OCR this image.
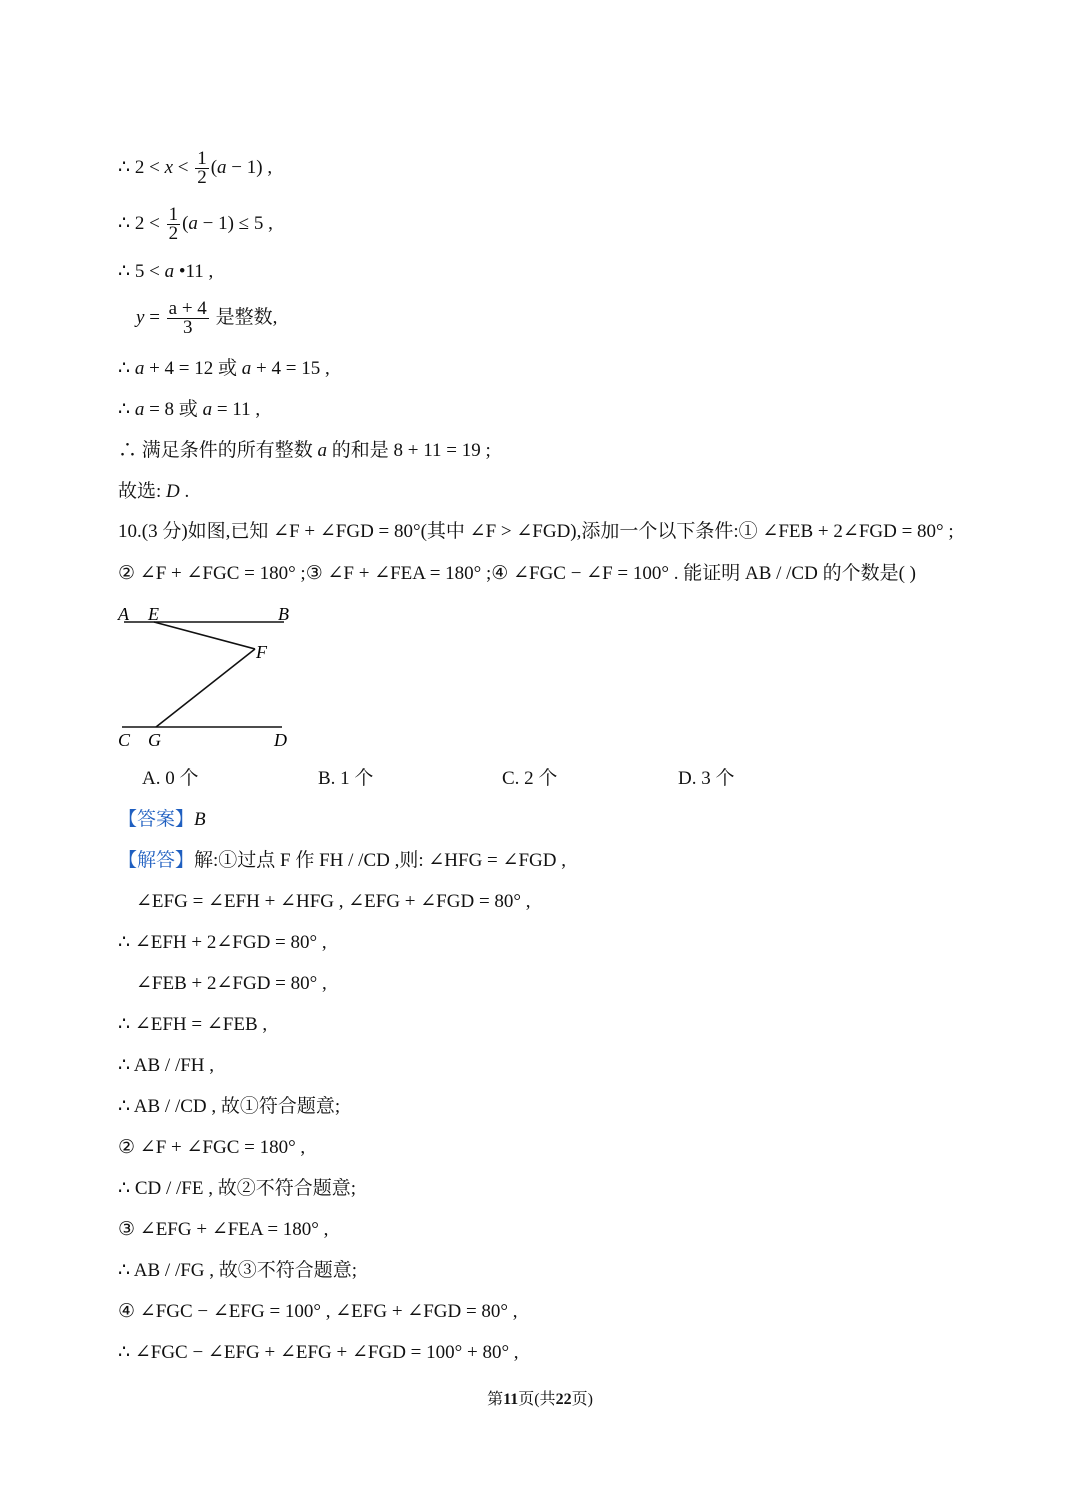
∴ $2 < x < \frac{1}{2} (a - 1)$ ,
∴ $2 < \frac{1}{2} (a - 1) \le 5$ ,
∴ 5 < a •11 ,
$y = \frac{a + 4}{3}$ 是整数,
∴ a + 4 = 12 或 a + 4 = 15 ,
∴ a = 8 或 a = 11 ,
∴ 满足条件的所有整数 a 的和是 8 + 11 = 19 ;
故选: D .
10.(3 分)如图,已知 ∠F + ∠FGD = 80°(其中 ∠F > ∠FGD),添加一个以下条件:① ∠FEB + 2∠FGD = 80° ;
② ∠F + ∠FGC = 180° ;③ ∠F + ∠FEA = 180° ;④ ∠FGC − ∠F = 100° . 能证明 AB / /CD 的个数是( )
A E	B
F
C G	D
A. 0 个	B. 1 个	C. 2 个	D. 3 个
【答案】B
【解答】解:①过点 F 作 FH / /CD ,则: ∠HFG = ∠FGD ,
∠EFG = ∠EFH + ∠HFG , ∠EFG + ∠FGD = 80° ,
∴ ∠EFH + 2∠FGD = 80° ,
∠FEB + 2∠FGD = 80° ,
∴ ∠EFH = ∠FEB ,
∴ AB / /FH ,
∴ AB / /CD , 故①符合题意;
② ∠F + ∠FGC = 180° ,
∴ CD / /FE , 故②不符合题意;
③ ∠EFG + ∠FEA = 180° ,
∴ AB / /FG , 故③不符合题意;
④ ∠FGC − ∠EFG = 100° , ∠EFG + ∠FGD = 80° ,
∴ ∠FGC − ∠EFG + ∠EFG + ∠FGD = 100° + 80° ,
第11页(共22页)
